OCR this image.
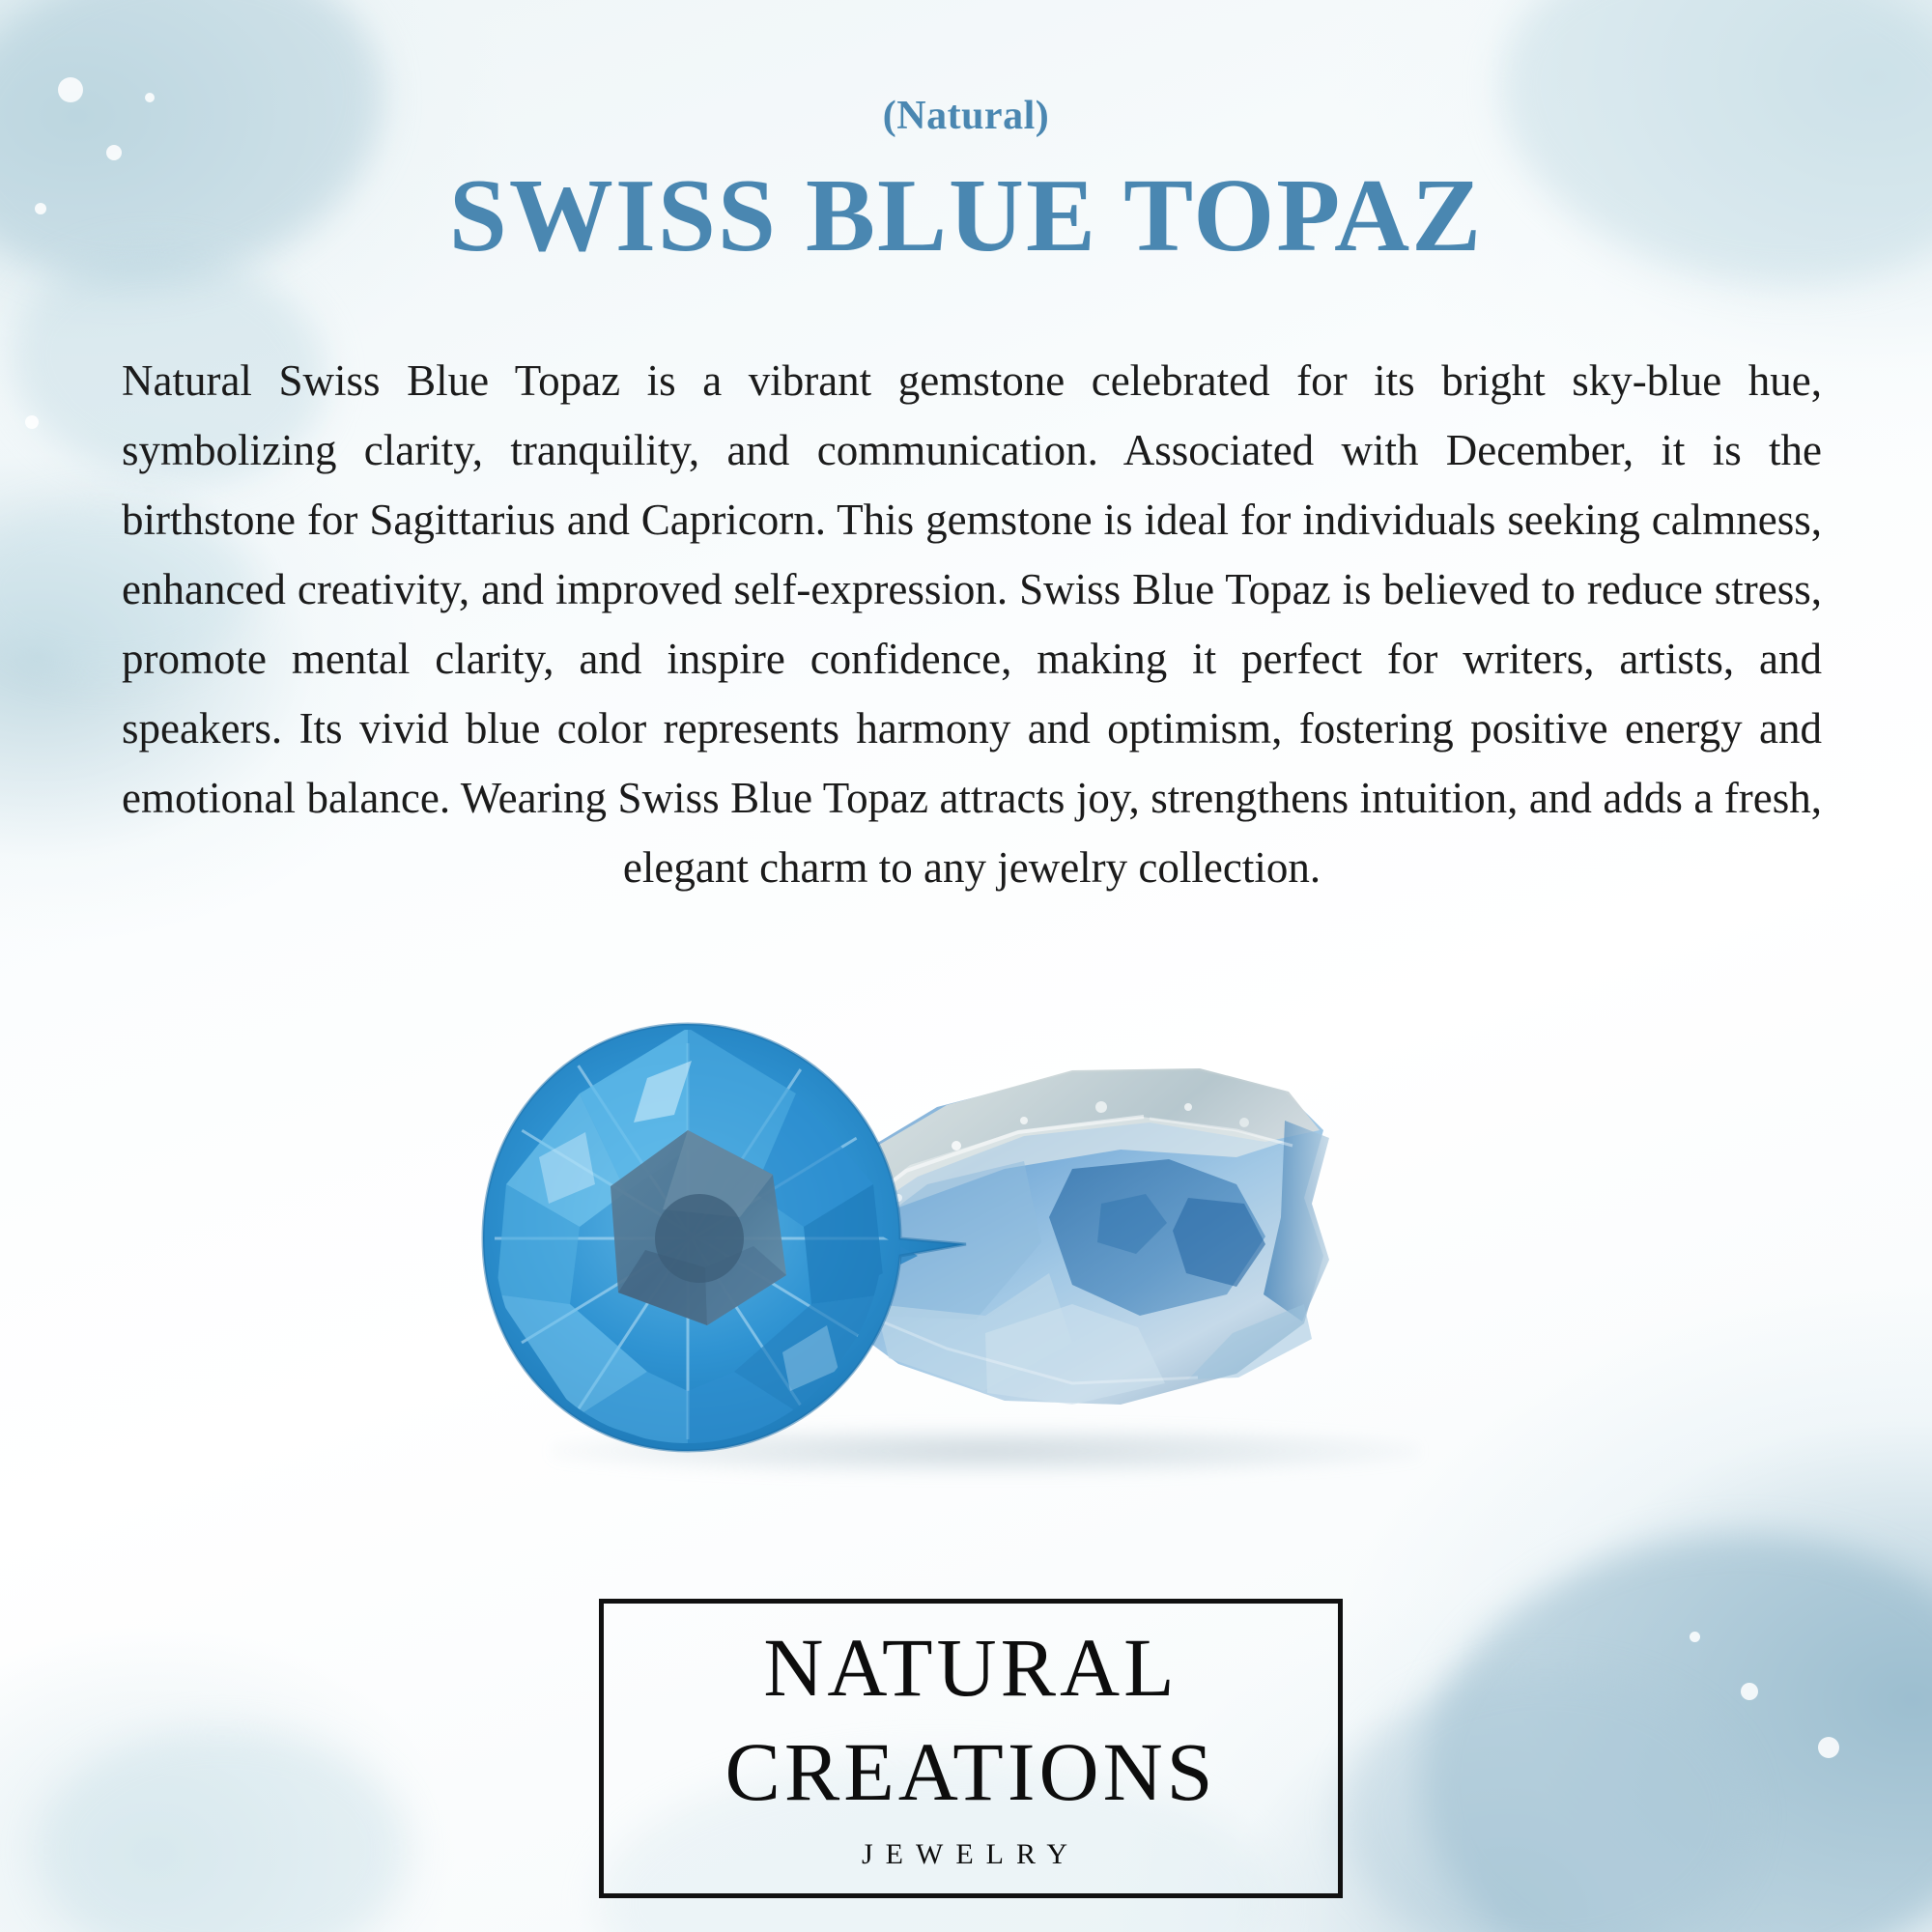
(Natural)
SWISS BLUE TOPAZ
Natural Swiss Blue Topaz is a vibrant gemstone celebrated for its bright sky-blue hue, symbolizing clarity, tranquility, and communication. Associated with December, it is the birthstone for Sagittarius and Capricorn. This gemstone is ideal for individuals seeking calmness, enhanced creativity, and improved self-expression. Swiss Blue Topaz is believed to reduce stress, promote mental clarity, and inspire confidence, making it perfect for writers, artists, and speakers. Its vivid blue color represents harmony and optimism, fostering positive energy and emotional balance. Wearing Swiss Blue Topaz attracts joy, strengthens intuition, and adds a fresh, elegant charm to any jewelry collection.
NATURAL
CREATIONS
JEWELRY
